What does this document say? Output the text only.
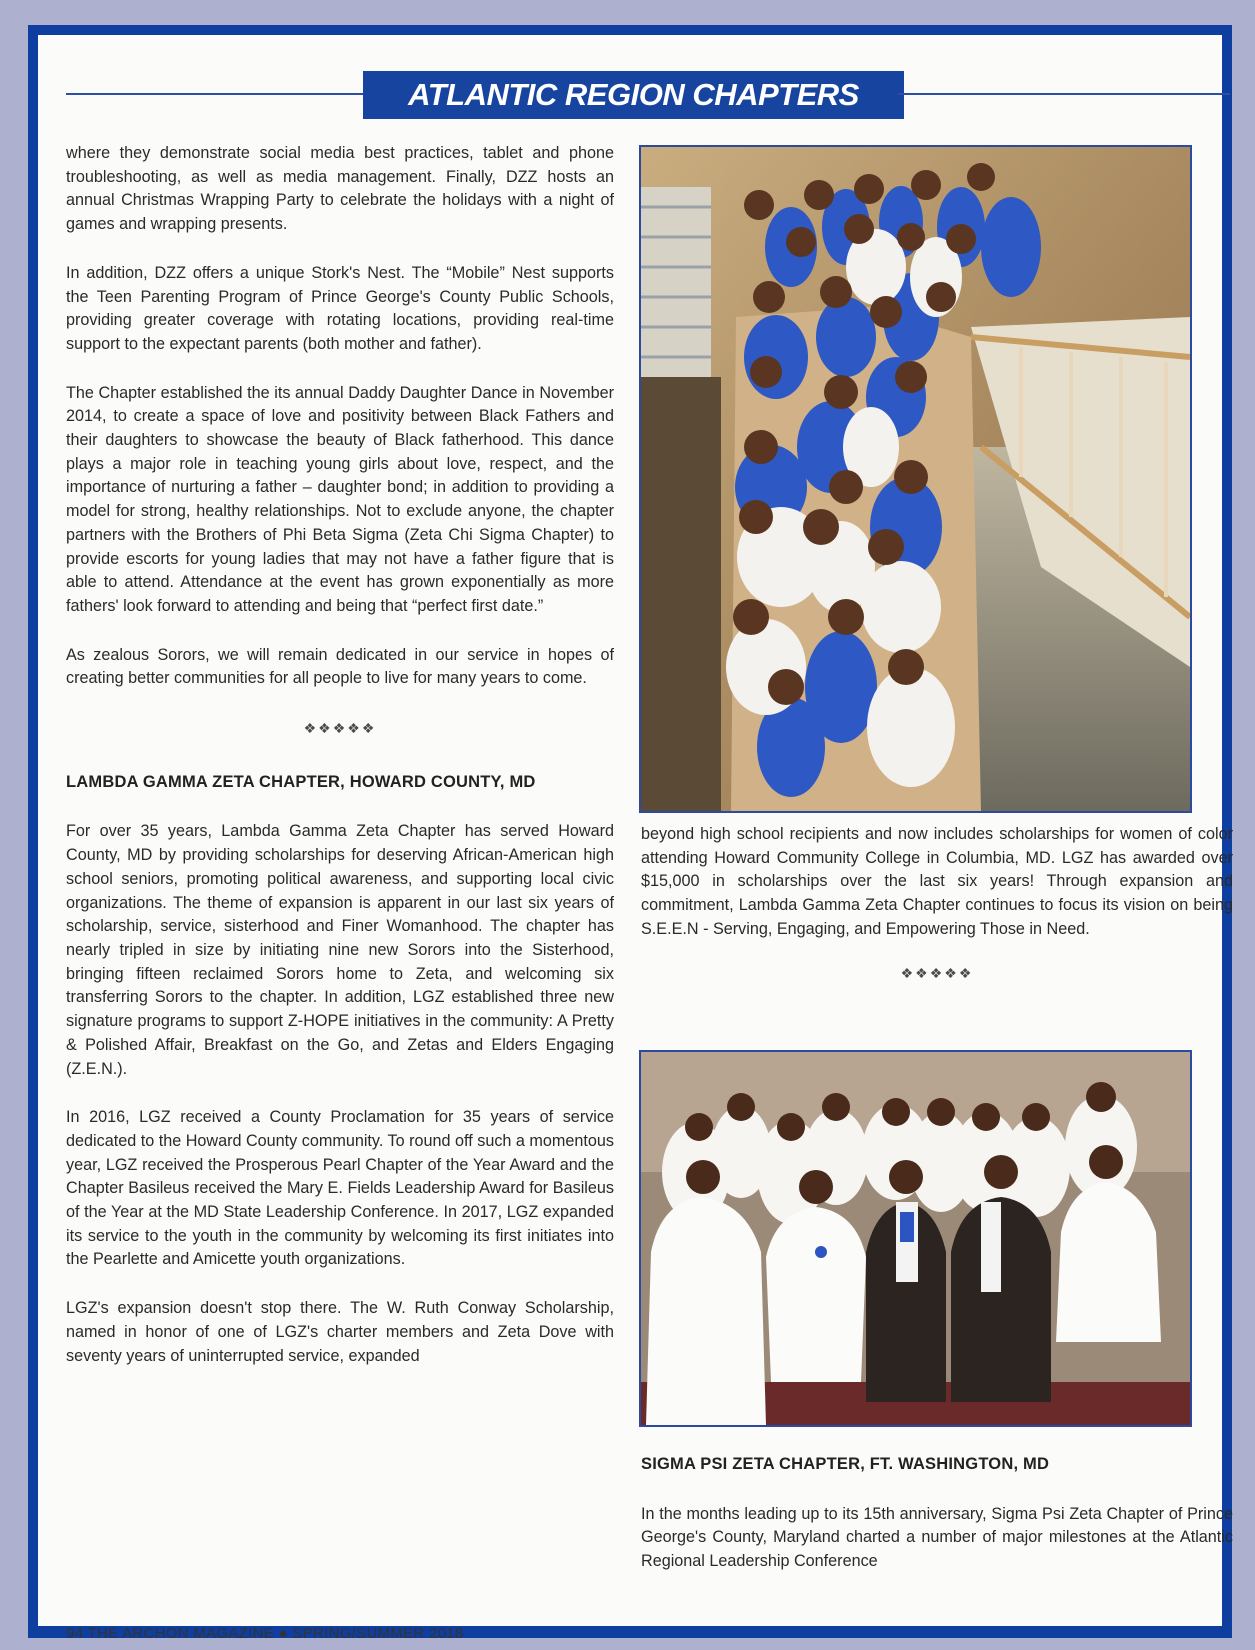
ATLANTIC REGION CHAPTERS

where they demonstrate social media best practices, tablet and phone troubleshooting, as well as media management. Finally, DZZ hosts an annual Christmas Wrapping Party to celebrate the holidays with a night of games and wrapping presents.

In addition, DZZ offers a unique Stork's Nest. The “Mobile” Nest supports the Teen Parenting Program of Prince George's County Public Schools, providing greater coverage with rotating locations, providing real-time support to the expectant parents (both mother and father).

The Chapter established the its annual Daddy Daughter Dance in November 2014, to create a space of love and positivity between Black Fathers and their daughters to showcase the beauty of Black fatherhood. This dance plays a major role in teaching young girls about love, respect, and the importance of nurturing a father – daughter bond; in addition to providing a model for strong, healthy relationships. Not to exclude anyone, the chapter partners with the Brothers of Phi Beta Sigma (Zeta Chi Sigma Chapter) to provide escorts for young ladies that may not have a father figure that is able to attend. Attendance at the event has grown exponentially as more fathers' look forward to attending and being that “perfect first date.”

As zealous Sorors, we will remain dedicated in our service in hopes of creating better communities for all people to live for many years to come.

❖❖❖❖❖
LAMBDA GAMMA ZETA CHAPTER, HOWARD COUNTY, MD

For over 35 years, Lambda Gamma Zeta Chapter has served Howard County, MD by providing scholarships for deserving African-American high school seniors, promoting political awareness, and supporting local civic organizations. The theme of expansion is apparent in our last six years of scholarship, service, sisterhood and Finer Womanhood. The chapter has nearly tripled in size by initiating nine new Sorors into the Sisterhood, bringing fifteen reclaimed Sorors home to Zeta, and welcoming six transferring Sorors to the chapter. In addition, LGZ established three new signature programs to support Z-HOPE initiatives in the community: A Pretty & Polished Affair, Breakfast on the Go, and Zetas and Elders Engaging (Z.E.N.).

In 2016, LGZ received a County Proclamation for 35 years of service dedicated to the Howard County community. To round off such a momentous year, LGZ received the Prosperous Pearl Chapter of the Year Award and the Chapter Basileus received the Mary E. Fields Leadership Award for Basileus of the Year at the MD State Leadership Conference. In 2017, LGZ expanded its service to the youth in the community by welcoming its first initiates into the Pearlette and Amicette youth organizations.

LGZ's expansion doesn't stop there. The W. Ruth Conway Scholarship, named in honor of one of LGZ's charter members and Zeta Dove with seventy years of uninterrupted service, expanded

beyond high school recipients and now includes scholarships for women of color attending Howard Community College in Columbia, MD. LGZ has awarded over $15,000 in scholarships over the last six years! Through expansion and commitment, Lambda Gamma Zeta Chapter continues to focus its vision on being S.E.E.N - Serving, Engaging, and Empowering Those in Need.

❖❖❖❖❖
SIGMA PSI ZETA CHAPTER, FT. WASHINGTON, MD

In the months leading up to its 15th anniversary, Sigma Psi Zeta Chapter of Prince George's County, Maryland charted a number of major milestones at the Atlantic Regional Leadership Conference

94 THE ARCHON MAGAZINE ● SPRING/SUMMER 2018
